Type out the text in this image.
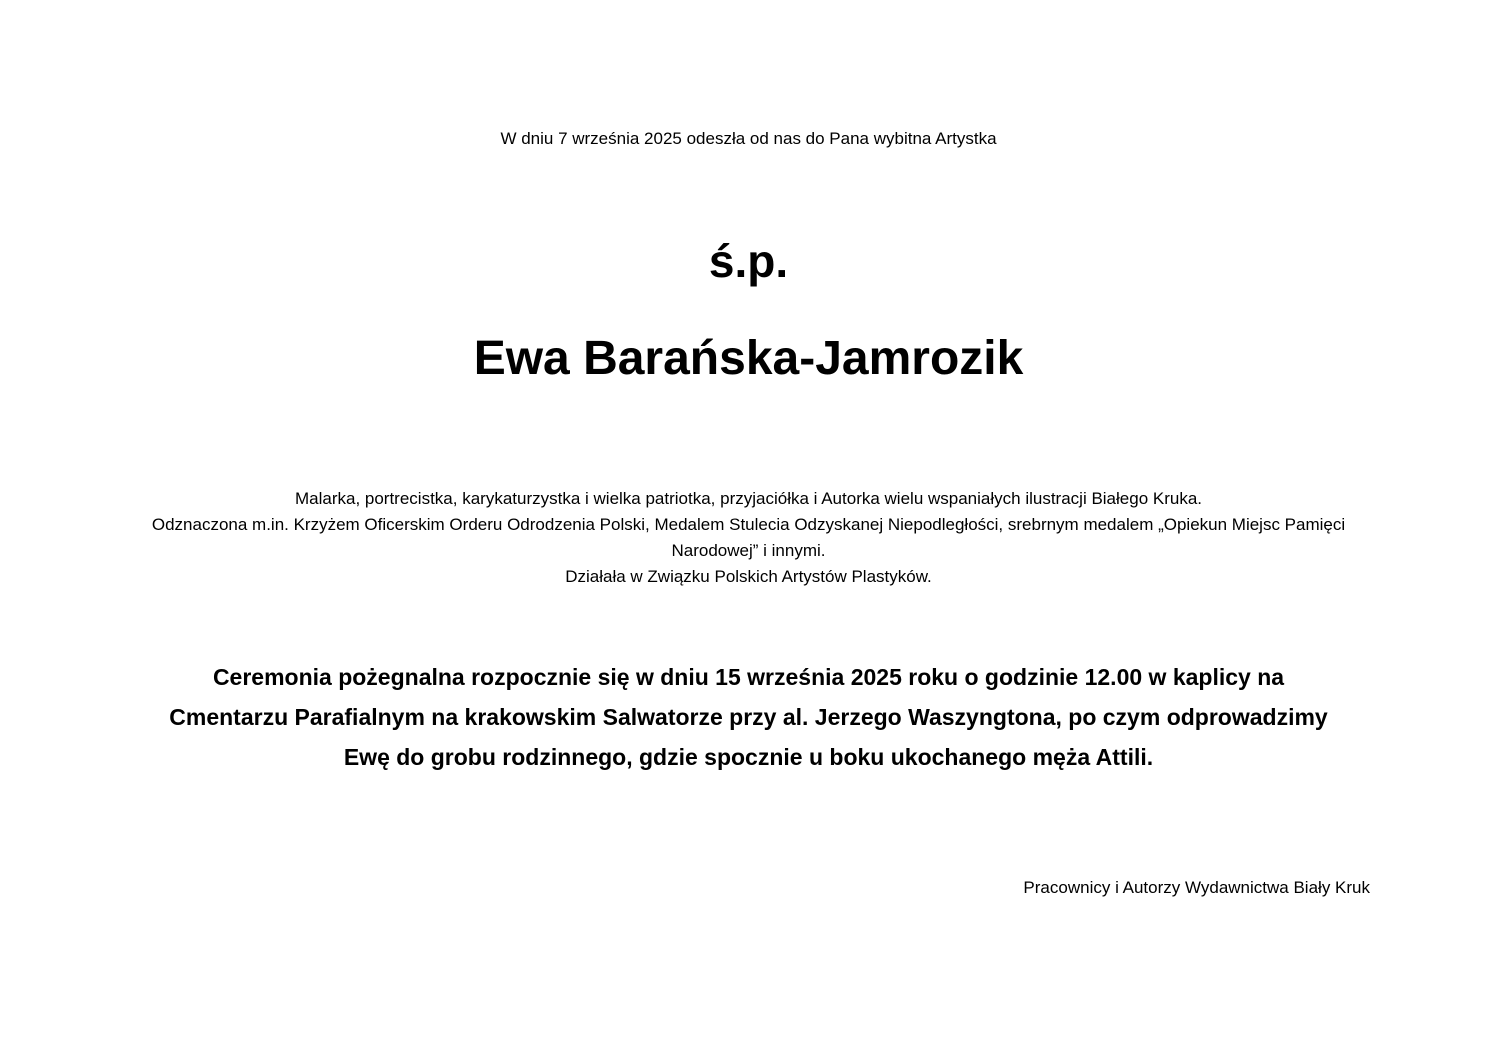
W dniu 7 września 2025 odeszła od nas do Pana wybitna Artystka
ś.p.
Ewa Barańska-Jamrozik
Malarka, portrecistka, karykaturzystka i wielka patriotka, przyjaciółka i Autorka wielu wspaniałych ilustracji Białego Kruka.
Odznaczona m.in. Krzyżem Oficerskim Orderu Odrodzenia Polski, Medalem Stulecia Odzyskanej Niepodległości, srebrnym medalem „Opiekun Miejsc Pamięci Narodowej” i innymi.
Działała w Związku Polskich Artystów Plastyków.
Ceremonia pożegnalna rozpocznie się w dniu 15 września 2025 roku o godzinie 12.00 w kaplicy na
Cmentarzu Parafialnym na krakowskim Salwatorze przy al. Jerzego Waszyngtona, po czym odprowadzimy
Ewę do grobu rodzinnego, gdzie spocznie u boku ukochanego męża Attili.
Pracownicy i Autorzy Wydawnictwa Biały Kruk
